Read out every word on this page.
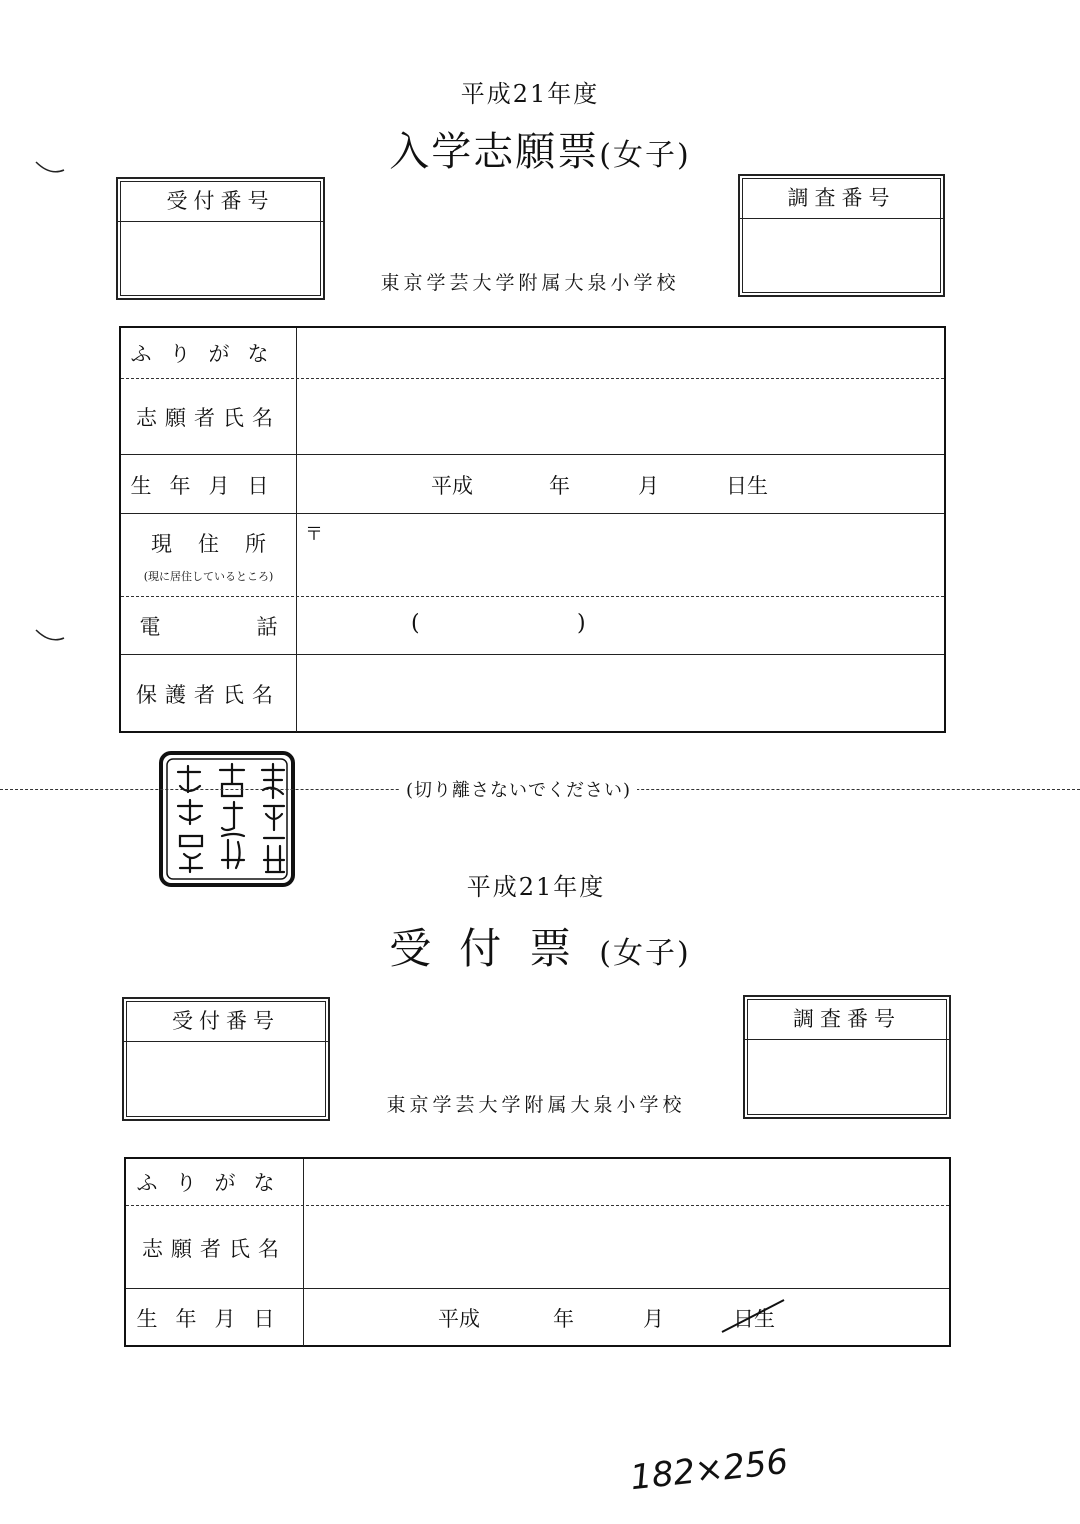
平成21年度
入学志願票(女子)
受付番号	調査番号
東京学芸大学附属大泉小学校
ふりがな
志願者氏名
生年月日	平成	年	月	日生
現住所
(現に居住しているところ)
〒
電話 (	)
保護者氏名
(切り離さないでください)
平成21年度
受付票(女子)
受付番号	調査番号
東京学芸大学附属大泉小学校
ふりがな
志願者氏名
生年月日	平成	年	月	日生
182×256
